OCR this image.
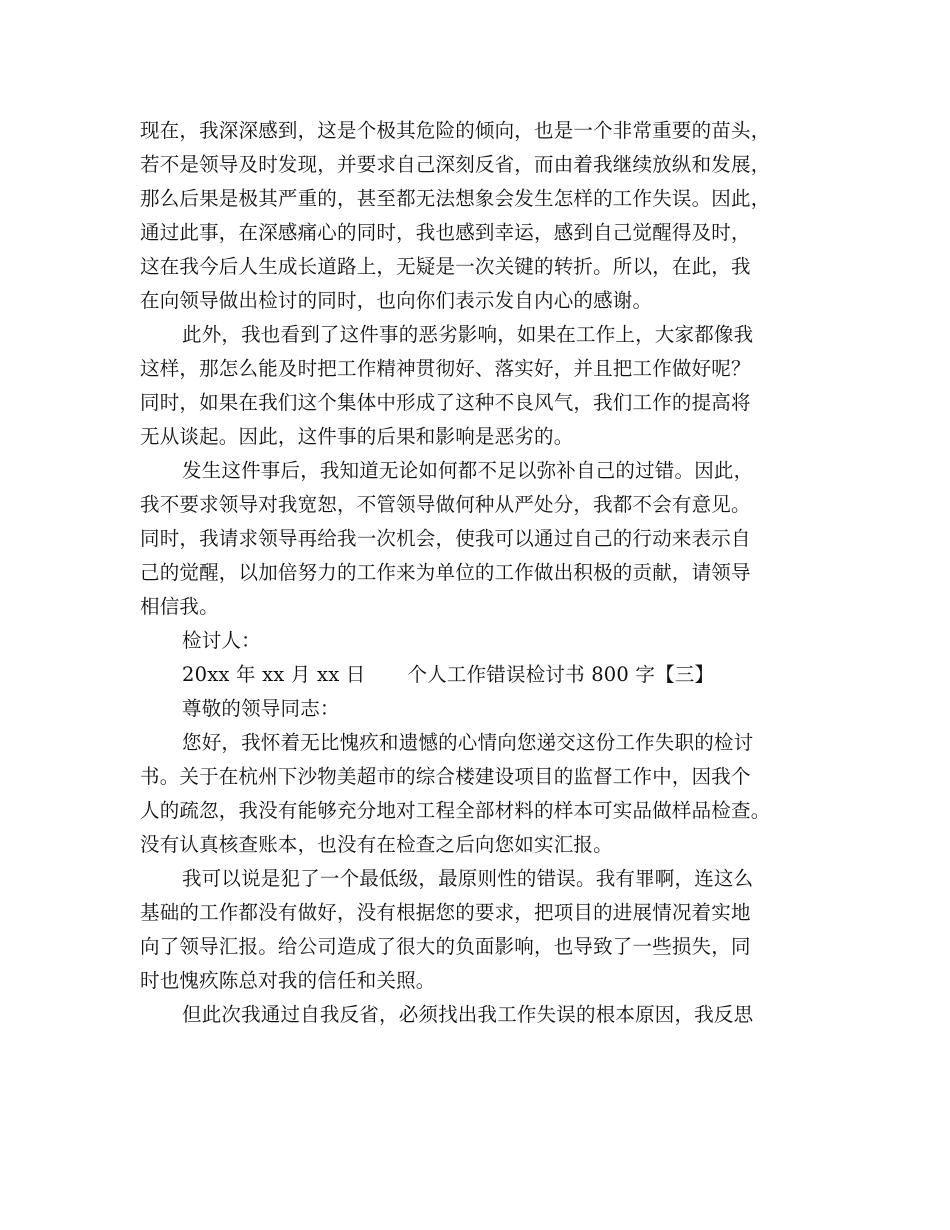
现在，我深深感到，这是个极其危险的倾向，也是一个非常重要的苗头，
若不是领导及时发现，并要求自己深刻反省，而由着我继续放纵和发展，
那么后果是极其严重的，甚至都无法想象会发生怎样的工作失误。因此，
通过此事，在深感痛心的同时，我也感到幸运，感到自己觉醒得及时，
这在我今后人生成长道路上，无疑是一次关键的转折。所以，在此，我
在向领导做出检讨的同时，也向你们表示发自内心的感谢。
此外，我也看到了这件事的恶劣影响，如果在工作上，大家都像我
这样，那怎么能及时把工作精神贯彻好、落实好，并且把工作做好呢？
同时，如果在我们这个集体中形成了这种不良风气，我们工作的提高将
无从谈起。因此，这件事的后果和影响是恶劣的。
发生这件事后，我知道无论如何都不足以弥补自己的过错。因此，
我不要求领导对我宽恕，不管领导做何种从严处分，我都不会有意见。
同时，我请求领导再给我一次机会，使我可以通过自己的行动来表示自
己的觉醒，以加倍努力的工作来为单位的工作做出积极的贡献，请领导
相信我。
检讨人：
20xx 年 xx 月 xx 日 个人工作错误检讨书 800 字【三】
尊敬的领导同志：
您好，我怀着无比愧疚和遗憾的心情向您递交这份工作失职的检讨
书。关于在杭州下沙物美超市的综合楼建设项目的监督工作中，因我个
人的疏忽，我没有能够充分地对工程全部材料的样本可实品做样品检查。
没有认真核查账本，也没有在检查之后向您如实汇报。
我可以说是犯了一个最低级，最原则性的错误。我有罪啊，连这么
基础的工作都没有做好，没有根据您的要求，把项目的进展情况着实地
向了领导汇报。给公司造成了很大的负面影响，也导致了一些损失，同
时也愧疚陈总对我的信任和关照。
但此次我通过自我反省，必须找出我工作失误的根本原因，我反思
